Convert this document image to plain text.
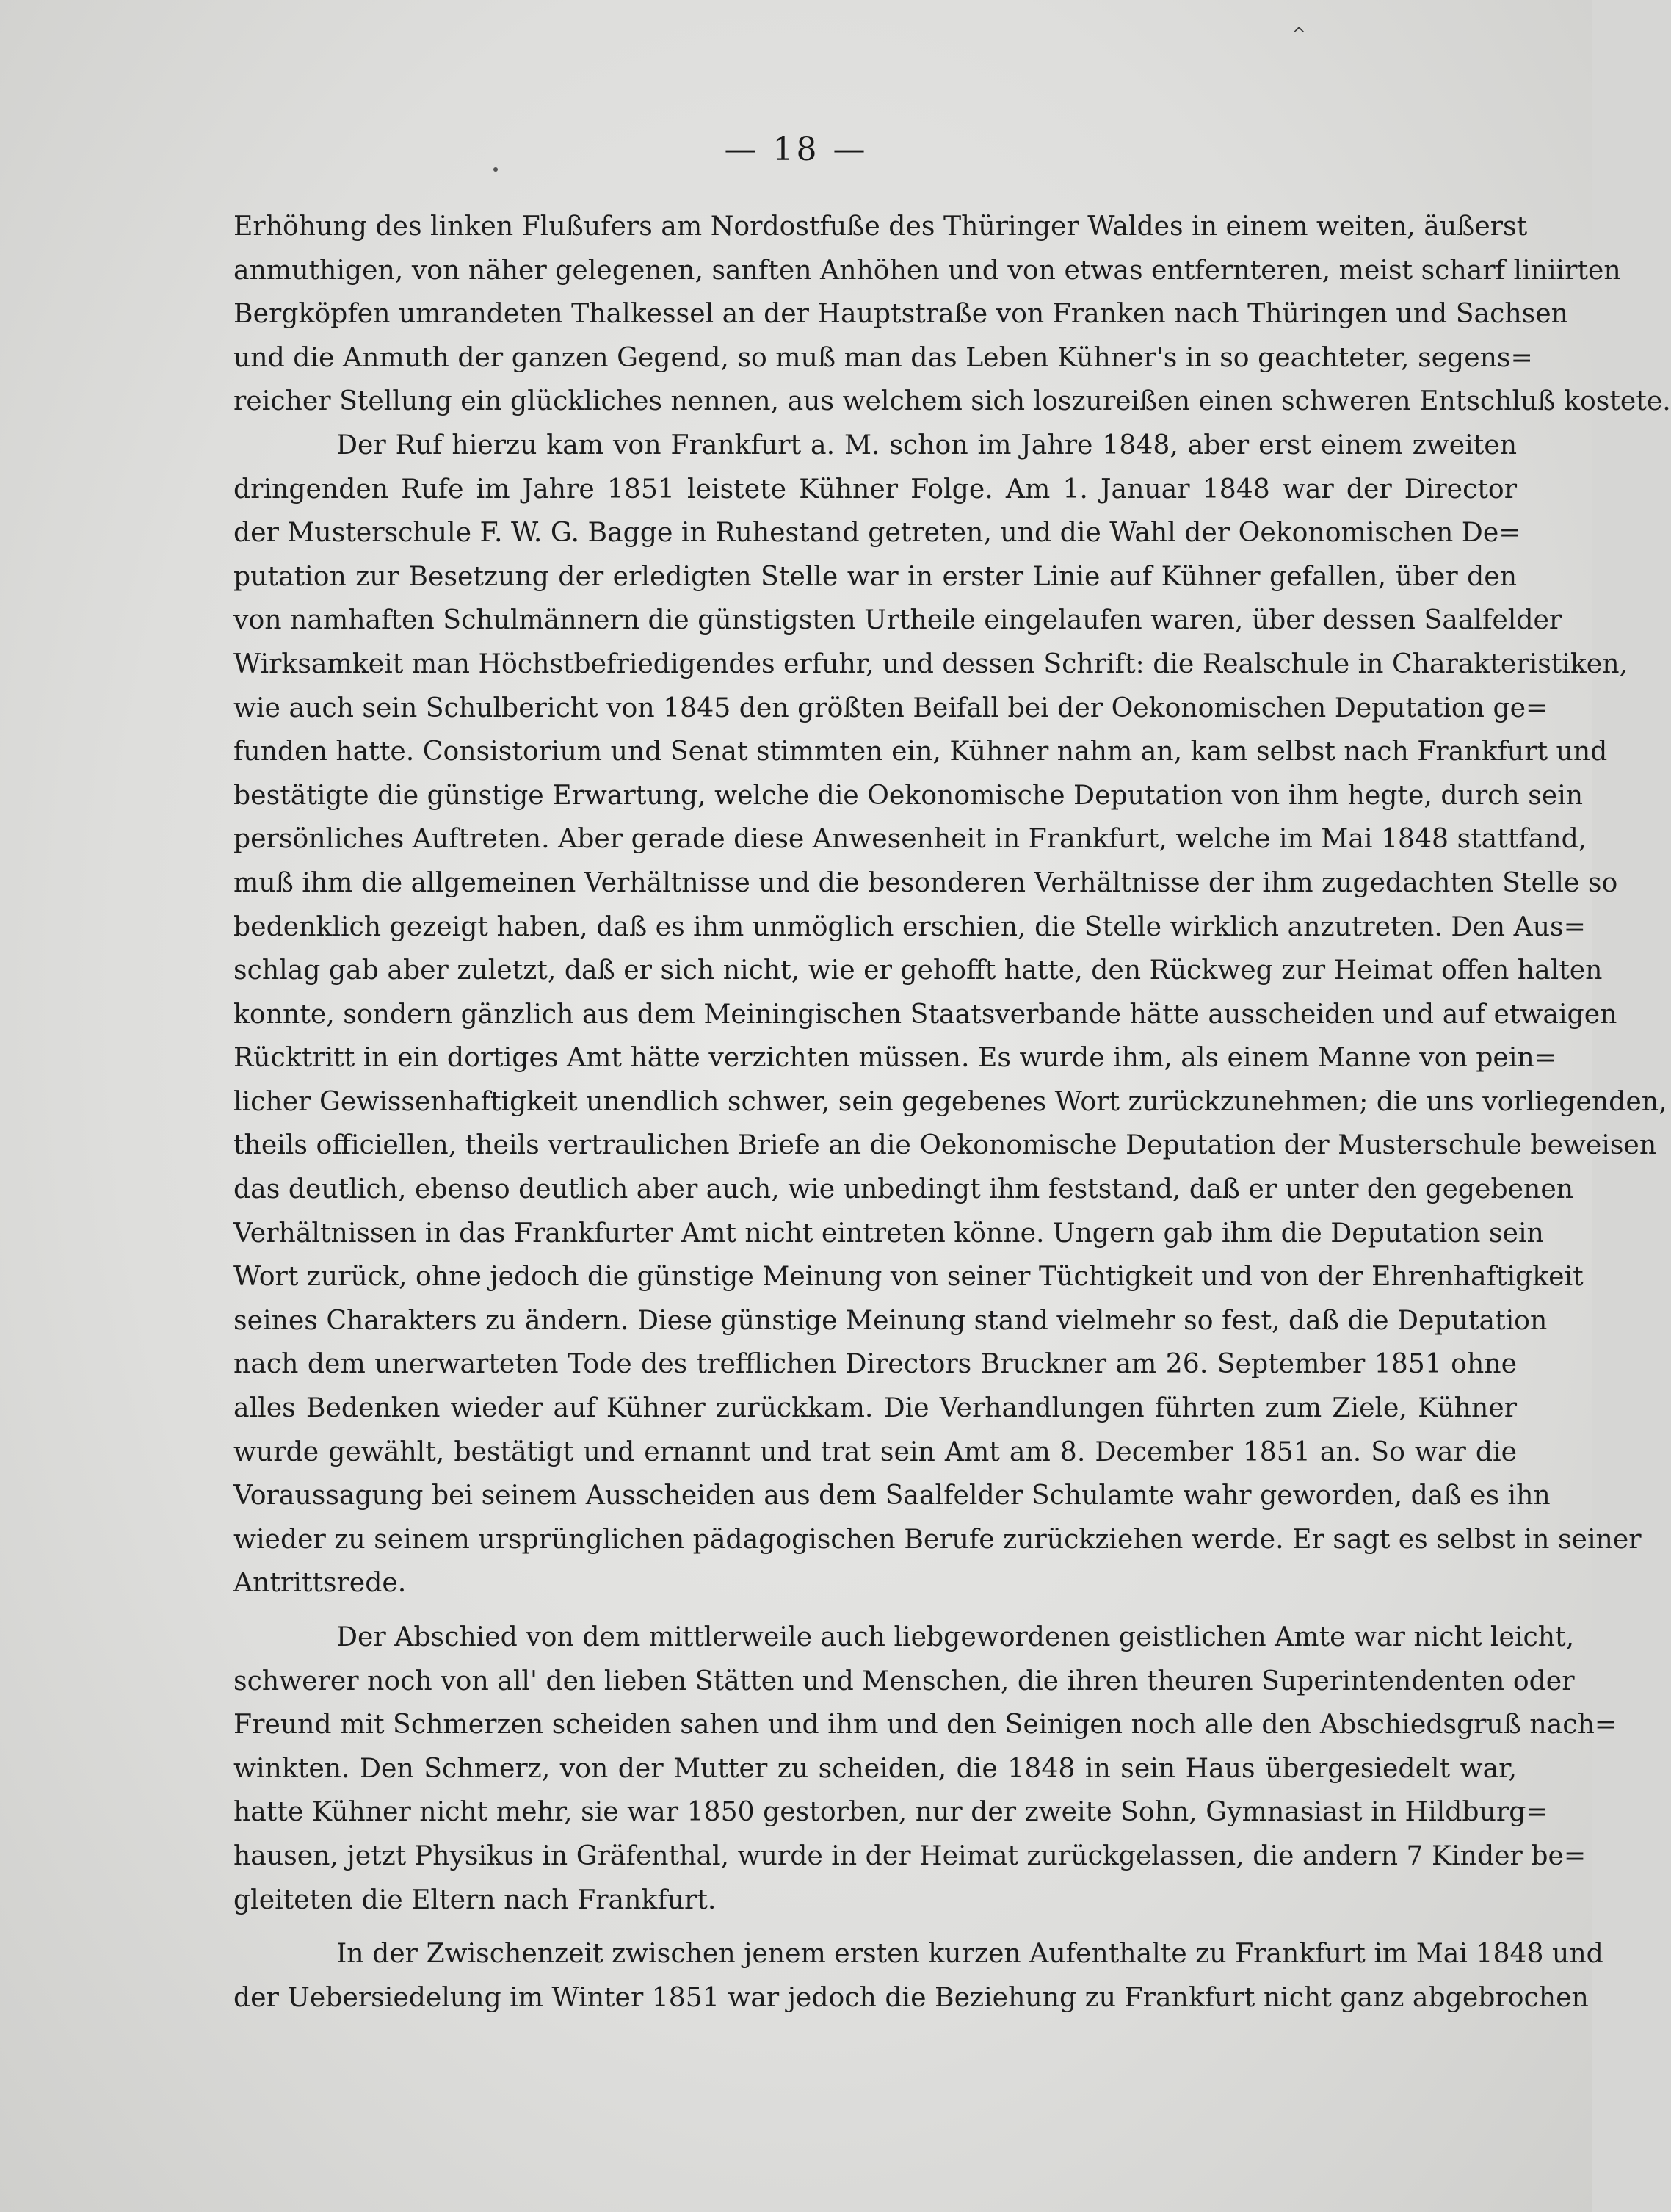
^
— 18 —
Erhöhung des linken Flußufers am Nordostfuße des Thüringer Waldes in einem weiten, äußerst
anmuthigen, von näher gelegenen, sanften Anhöhen und von etwas entfernteren, meist scharf liniirten
Bergköpfen umrandeten Thalkessel an der Hauptstraße von Franken nach Thüringen und Sachsen
und die Anmuth der ganzen Gegend, so muß man das Leben Kühner's in so geachteter, segens=
reicher Stellung ein glückliches nennen, aus welchem sich loszureißen einen schweren Entschluß kostete.
Der Ruf hierzu kam von Frankfurt a. M. schon im Jahre 1848, aber erst einem zweiten
dringenden Rufe im Jahre 1851 leistete Kühner Folge. Am 1. Januar 1848 war der Director
der Musterschule F. W. G. Bagge in Ruhestand getreten, und die Wahl der Oekonomischen De=
putation zur Besetzung der erledigten Stelle war in erster Linie auf Kühner gefallen, über den
von namhaften Schulmännern die günstigsten Urtheile eingelaufen waren, über dessen Saalfelder
Wirksamkeit man Höchstbefriedigendes erfuhr, und dessen Schrift: die Realschule in Charakteristiken,
wie auch sein Schulbericht von 1845 den größten Beifall bei der Oekonomischen Deputation ge=
funden hatte. Consistorium und Senat stimmten ein, Kühner nahm an, kam selbst nach Frankfurt und
bestätigte die günstige Erwartung, welche die Oekonomische Deputation von ihm hegte, durch sein
persönliches Auftreten. Aber gerade diese Anwesenheit in Frankfurt, welche im Mai 1848 stattfand,
muß ihm die allgemeinen Verhältnisse und die besonderen Verhältnisse der ihm zugedachten Stelle so
bedenklich gezeigt haben, daß es ihm unmöglich erschien, die Stelle wirklich anzutreten. Den Aus=
schlag gab aber zuletzt, daß er sich nicht, wie er gehofft hatte, den Rückweg zur Heimat offen halten
konnte, sondern gänzlich aus dem Meiningischen Staatsverbande hätte ausscheiden und auf etwaigen
Rücktritt in ein dortiges Amt hätte verzichten müssen. Es wurde ihm, als einem Manne von pein=
licher Gewissenhaftigkeit unendlich schwer, sein gegebenes Wort zurückzunehmen; die uns vorliegenden,
theils officiellen, theils vertraulichen Briefe an die Oekonomische Deputation der Musterschule beweisen
das deutlich, ebenso deutlich aber auch, wie unbedingt ihm feststand, daß er unter den gegebenen
Verhältnissen in das Frankfurter Amt nicht eintreten könne. Ungern gab ihm die Deputation sein
Wort zurück, ohne jedoch die günstige Meinung von seiner Tüchtigkeit und von der Ehrenhaftigkeit
seines Charakters zu ändern. Diese günstige Meinung stand vielmehr so fest, daß die Deputation
nach dem unerwarteten Tode des trefflichen Directors Bruckner am 26. September 1851 ohne
alles Bedenken wieder auf Kühner zurückkam. Die Verhandlungen führten zum Ziele, Kühner
wurde gewählt, bestätigt und ernannt und trat sein Amt am 8. December 1851 an. So war die
Voraussagung bei seinem Ausscheiden aus dem Saalfelder Schulamte wahr geworden, daß es ihn
wieder zu seinem ursprünglichen pädagogischen Berufe zurückziehen werde. Er sagt es selbst in seiner
Antrittsrede.
Der Abschied von dem mittlerweile auch liebgewordenen geistlichen Amte war nicht leicht,
schwerer noch von all' den lieben Stätten und Menschen, die ihren theuren Superintendenten oder
Freund mit Schmerzen scheiden sahen und ihm und den Seinigen noch alle den Abschiedsgruß nach=
winkten. Den Schmerz, von der Mutter zu scheiden, die 1848 in sein Haus übergesiedelt war,
hatte Kühner nicht mehr, sie war 1850 gestorben, nur der zweite Sohn, Gymnasiast in Hildburg=
hausen, jetzt Physikus in Gräfenthal, wurde in der Heimat zurückgelassen, die andern 7 Kinder be=
gleiteten die Eltern nach Frankfurt.
In der Zwischenzeit zwischen jenem ersten kurzen Aufenthalte zu Frankfurt im Mai 1848 und
der Uebersiedelung im Winter 1851 war jedoch die Beziehung zu Frankfurt nicht ganz abgebrochen
